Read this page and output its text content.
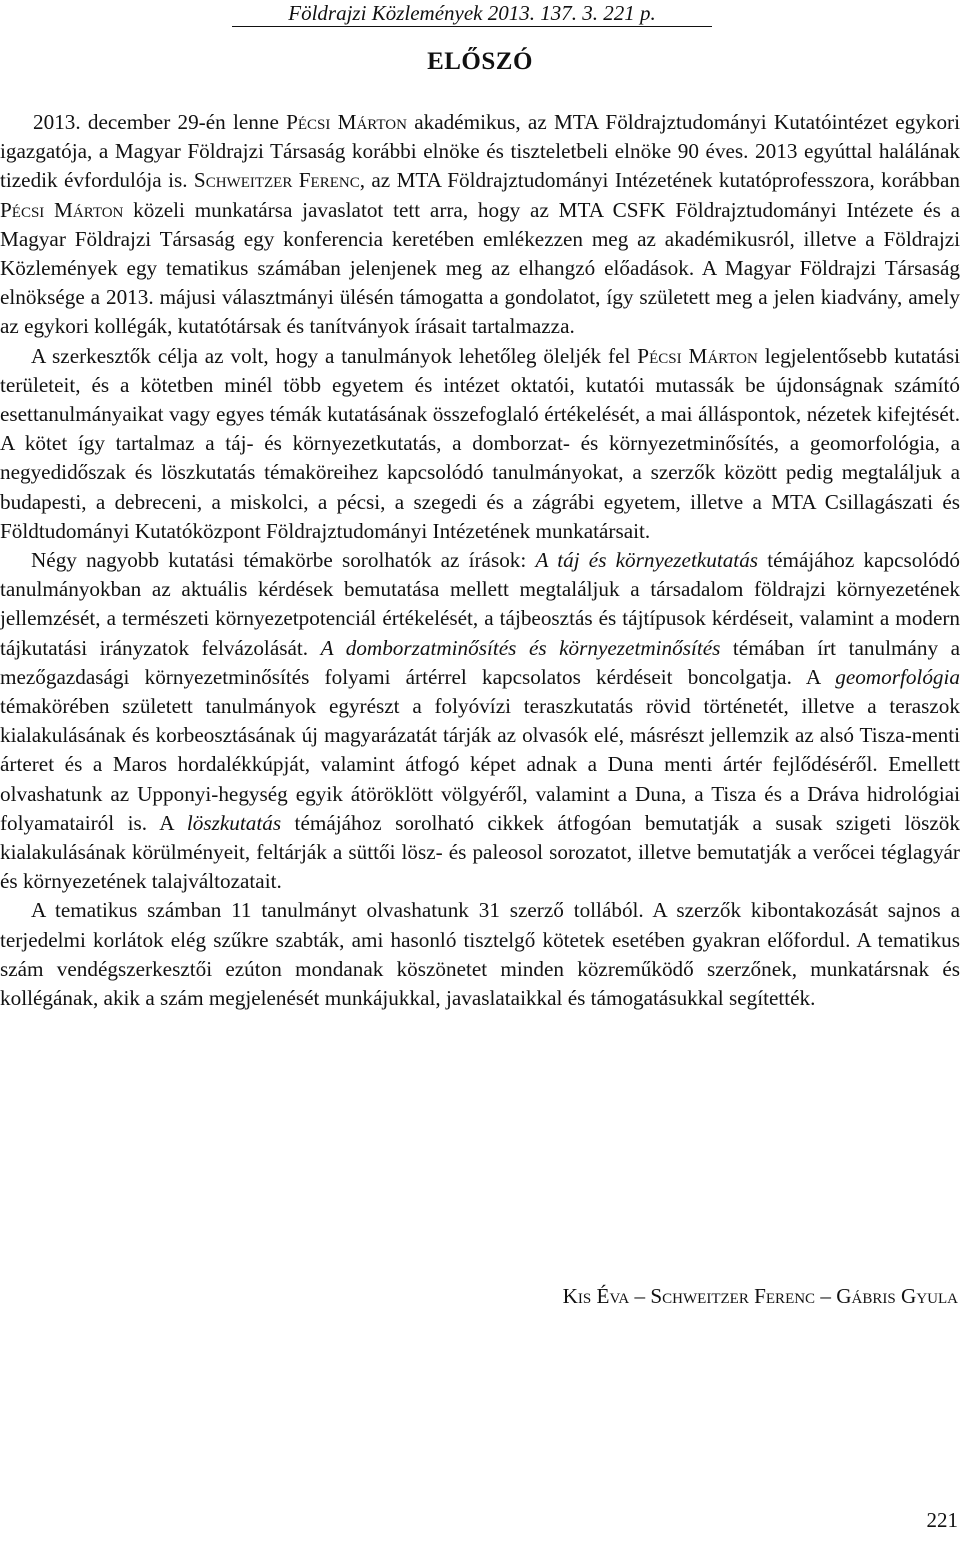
Földrajzi Közlemények 2013. 137. 3. 221 p.
ELŐSZÓ

2013. december 29-én lenne Pécsi Márton akadémikus, az MTA Földrajztudományi Kutatóintézet egykori igazgatója, a Magyar Földrajzi Társaság korábbi elnöke és tiszteletbeli elnöke 90 éves. 2013 egyúttal halálának tizedik évfordulója is. Schweitzer Ferenc, az MTA Földrajztudományi Intézetének kutatóprofesszora, korábban Pécsi Márton közeli munkatársa javaslatot tett arra, hogy az MTA CSFK Földrajztudományi Intézete és a Magyar Földrajzi Társaság egy konferencia keretében emlékezzen meg az akadémikusról, illetve a Földrajzi Közlemények egy tematikus számában jelenjenek meg az elhangzó előadások. A Magyar Földrajzi Társaság elnöksége a 2013. májusi választmányi ülésén támogatta a gondolatot, így született meg a jelen kiadvány, amely az egykori kollégák, kutatótársak és tanítványok írásait tartalmazza.

A szerkesztők célja az volt, hogy a tanulmányok lehetőleg öleljék fel Pécsi Márton legjelentősebb kutatási területeit, és a kötetben minél több egyetem és intézet oktatói, kutatói mutassák be újdonságnak számító esettanulmányaikat vagy egyes témák kutatásának összefoglaló értékelését, a mai álláspontok, nézetek kifejtését. A kötet így tartalmaz a táj- és környezetkutatás, a domborzat- és környezetminősítés, a geomorfológia, a negyedidőszak és löszkutatás témaköreihez kapcsolódó tanulmányokat, a szerzők között pedig megtaláljuk a budapesti, a debreceni, a miskolci, a pécsi, a szegedi és a zágrábi egyetem, illetve a MTA Csillagászati és Földtudományi Kutatóközpont Földrajztudományi Intézetének munkatársait.

Négy nagyobb kutatási témakörbe sorolhatók az írások: A táj és környezetkutatás témájához kapcsolódó tanulmányokban az aktuális kérdések bemutatása mellett megtaláljuk a társadalom földrajzi környezetének jellemzését, a természeti környezetpotenciál értékelését, a tájbeosztás és tájtípusok kérdéseit, valamint a modern tájkutatási irányzatok felvázolását. A domborzatminősítés és környezetminősítés témában írt tanulmány a mezőgazdasági környezetminősítés folyami ártérrel kapcsolatos kérdéseit boncolgatja. A geomorfológia témakörében született tanulmányok egyrészt a folyóvízi teraszkutatás rövid történetét, illetve a teraszok kialakulásának és korbeosztásának új magyarázatát tárják az olvasók elé, másrészt jellemzik az alsó Tisza-menti árteret és a Maros hordalékkúpját, valamint átfogó képet adnak a Duna menti ártér fejlődéséről. Emellett olvashatunk az Upponyi-hegység egyik átöröklött völgyéről, valamint a Duna, a Tisza és a Dráva hidrológiai folyamatairól is. A löszkutatás témájához sorolható cikkek átfogóan bemutatják a susak szigeti löszök kialakulásának körülményeit, feltárják a süttői lösz- és paleosol sorozatot, illetve bemutatják a verőcei téglagyár és környezetének talajváltozatait.

A tematikus számban 11 tanulmányt olvashatunk 31 szerző tollából. A szerzők kibontakozását sajnos a terjedelmi korlátok elég szűkre szabták, ami hasonló tisztelgő kötetek esetében gyakran előfordul. A tematikus szám vendégszerkesztői ezúton mondanak köszönetet minden közreműködő szerzőnek, munkatársnak és kollégának, akik a szám megjelenését munkájukkal, javaslataikkal és támogatásukkal segítették.

Kis Éva – Schweitzer Ferenc – Gábris Gyula
221
